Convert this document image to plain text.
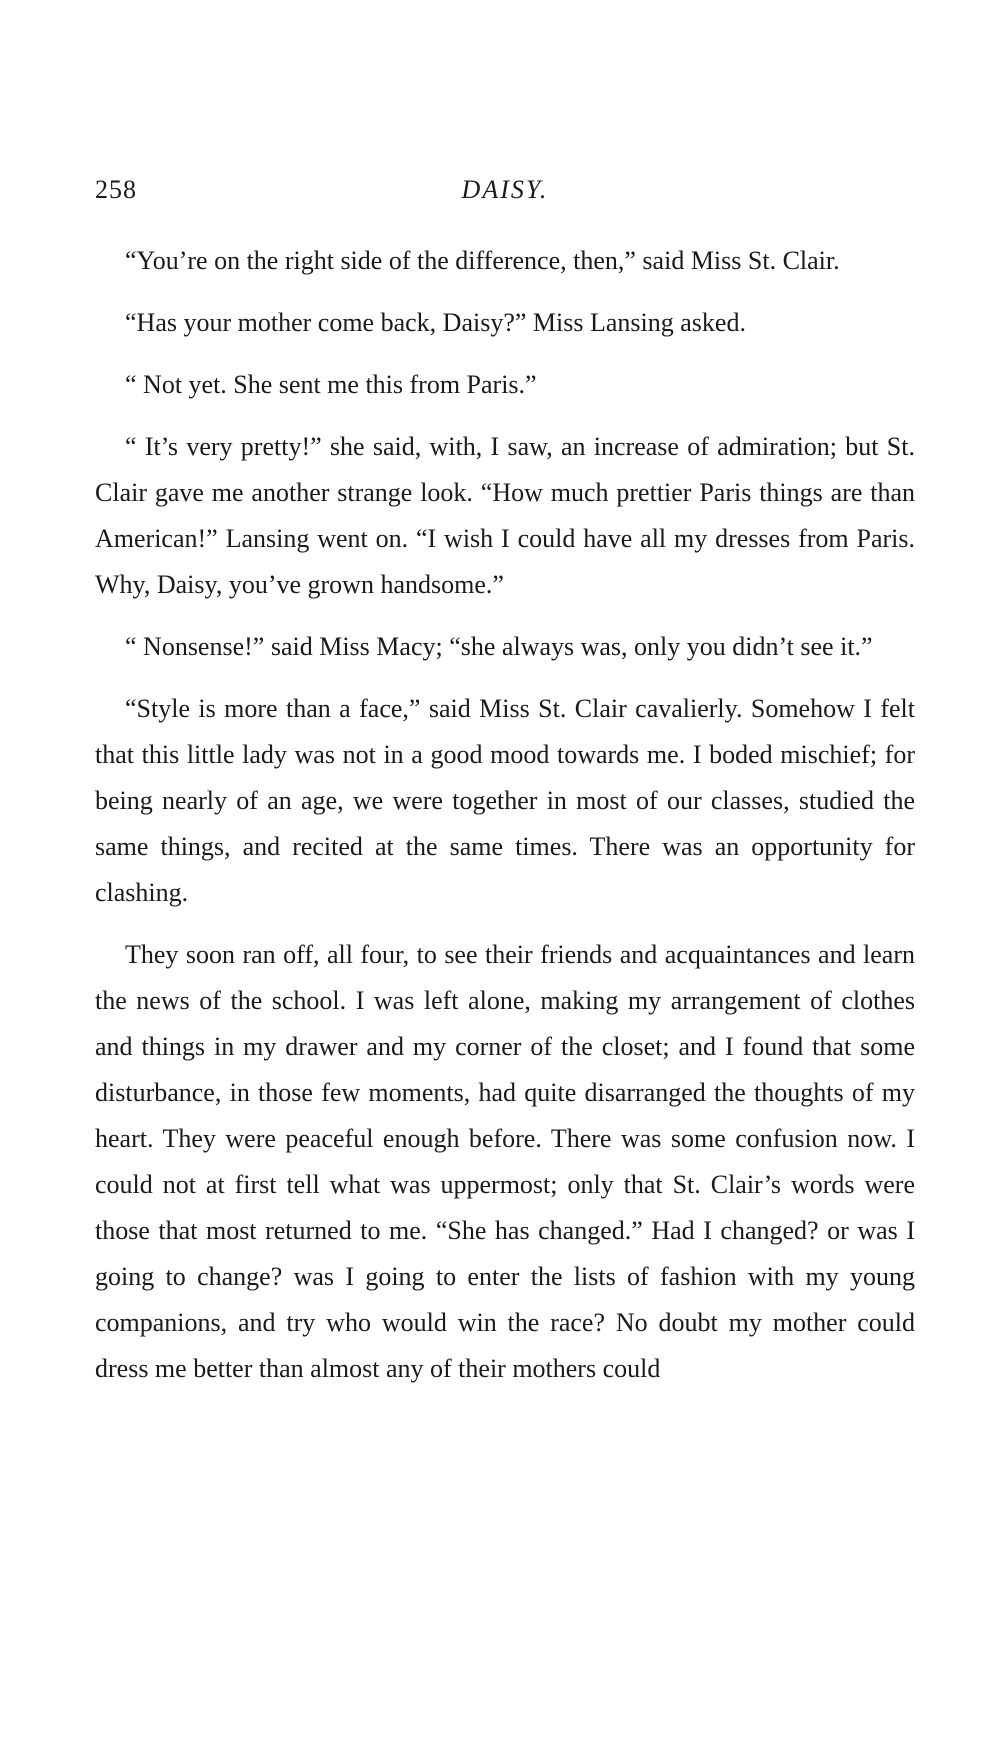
258	DAISY.

“You’re on the right side of the difference, then,” said Miss St. Clair.

“Has your mother come back, Daisy?” Miss Lansing asked.

“ Not yet. She sent me this from Paris.”

“ It’s very pretty!” she said, with, I saw, an increase of admiration; but St. Clair gave me another strange look. “How much prettier Paris things are than American!” Lansing went on. “I wish I could have all my dresses from Paris. Why, Daisy, you’ve grown handsome.”

“ Nonsense!” said Miss Macy; “she always was, only you didn’t see it.”

“Style is more than a face,” said Miss St. Clair cavalierly. Somehow I felt that this little lady was not in a good mood towards me. I boded mischief; for being nearly of an age, we were together in most of our classes, studied the same things, and recited at the same times. There was an opportunity for clashing.

They soon ran off, all four, to see their friends and acquaintances and learn the news of the school. I was left alone, making my arrangement of clothes and things in my drawer and my corner of the closet; and I found that some disturbance, in those few moments, had quite disarranged the thoughts of my heart. They were peaceful enough before. There was some confusion now. I could not at first tell what was uppermost; only that St. Clair’s words were those that most returned to me. “She has changed.” Had I changed? or was I going to change? was I going to enter the lists of fashion with my young companions, and try who would win the race? No doubt my mother could dress me better than almost any of their mothers could
